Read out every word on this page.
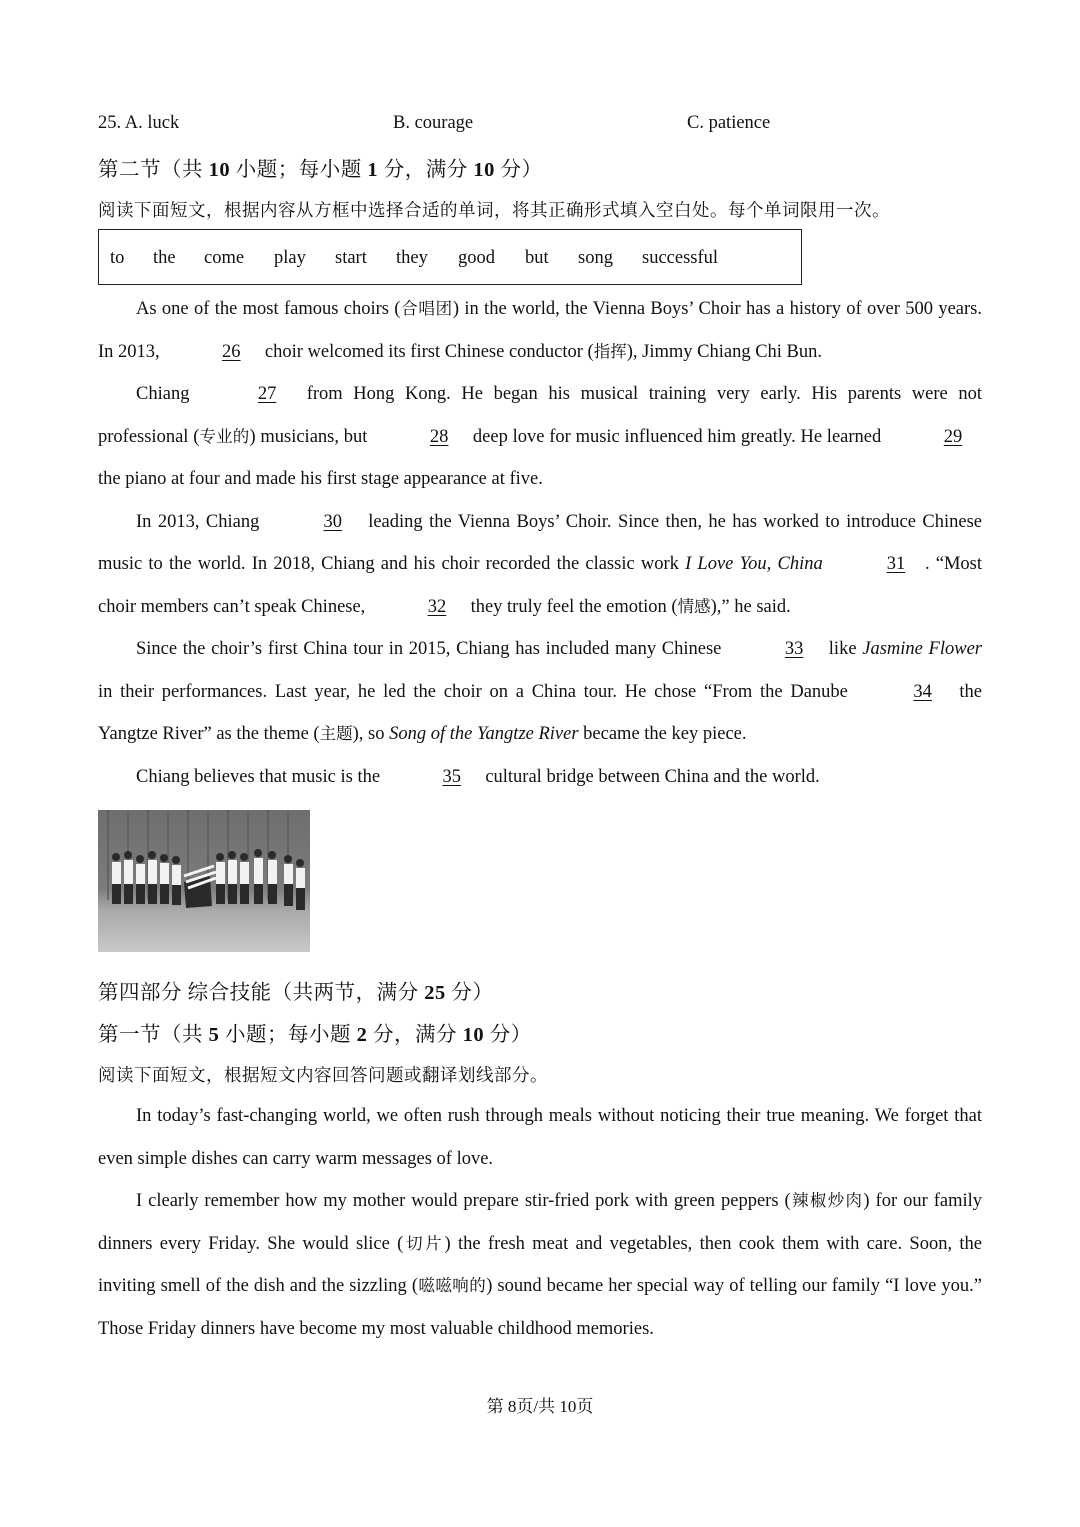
25. A. luck	B. courage	C. patience
第二节（共 10 小题；每小题 1 分，满分 10 分）
阅读下面短文，根据内容从方框中选择合适的单词，将其正确形式填入空白处。每个单词限用一次。
to the come play start they good but song successful

As one of the most famous choirs (合唱团) in the world, the Vienna Boys’ Choir has a history of over 500 years. In 2013,	26 choir welcomed its first Chinese conductor (指挥), Jimmy Chiang Chi Bun.

Chiang	27 from Hong Kong. He began his musical training very early. His parents were not professional (专业的) musicians, but	28 deep love for music influenced him greatly. He learned	29 the piano at four and made his first stage appearance at five.

In 2013, Chiang	30 leading the Vienna Boys’ Choir. Since then, he has worked to introduce Chinese music to the world. In 2018, Chiang and his choir recorded the classic work I Love You, China	31 . “Most choir members can’t speak Chinese,	32 they truly feel the emotion (情感),” he said.

Since the choir’s first China tour in 2015, Chiang has included many Chinese	33 like Jasmine Flower in their performances. Last year, he led the choir on a China tour. He chose “From the Danube	34 the Yangtze River” as the theme (主题), so Song of the Yangtze River became the key piece.

Chiang believes that music is the	35 cultural bridge between China and the world.

第四部分 综合技能（共两节，满分 25 分）
第一节（共 5 小题；每小题 2 分，满分 10 分）
阅读下面短文，根据短文内容回答问题或翻译划线部分。

In today’s fast-changing world, we often rush through meals without noticing their true meaning. We forget that even simple dishes can carry warm messages of love.

I clearly remember how my mother would prepare stir-fried pork with green peppers (辣椒炒肉) for our family dinners every Friday. She would slice (切片) the fresh meat and vegetables, then cook them with care. Soon, the inviting smell of the dish and the sizzling (嗞嗞响的) sound became her special way of telling our family “I love you.” Those Friday dinners have become my most valuable childhood memories.

第 8页/共 10页
